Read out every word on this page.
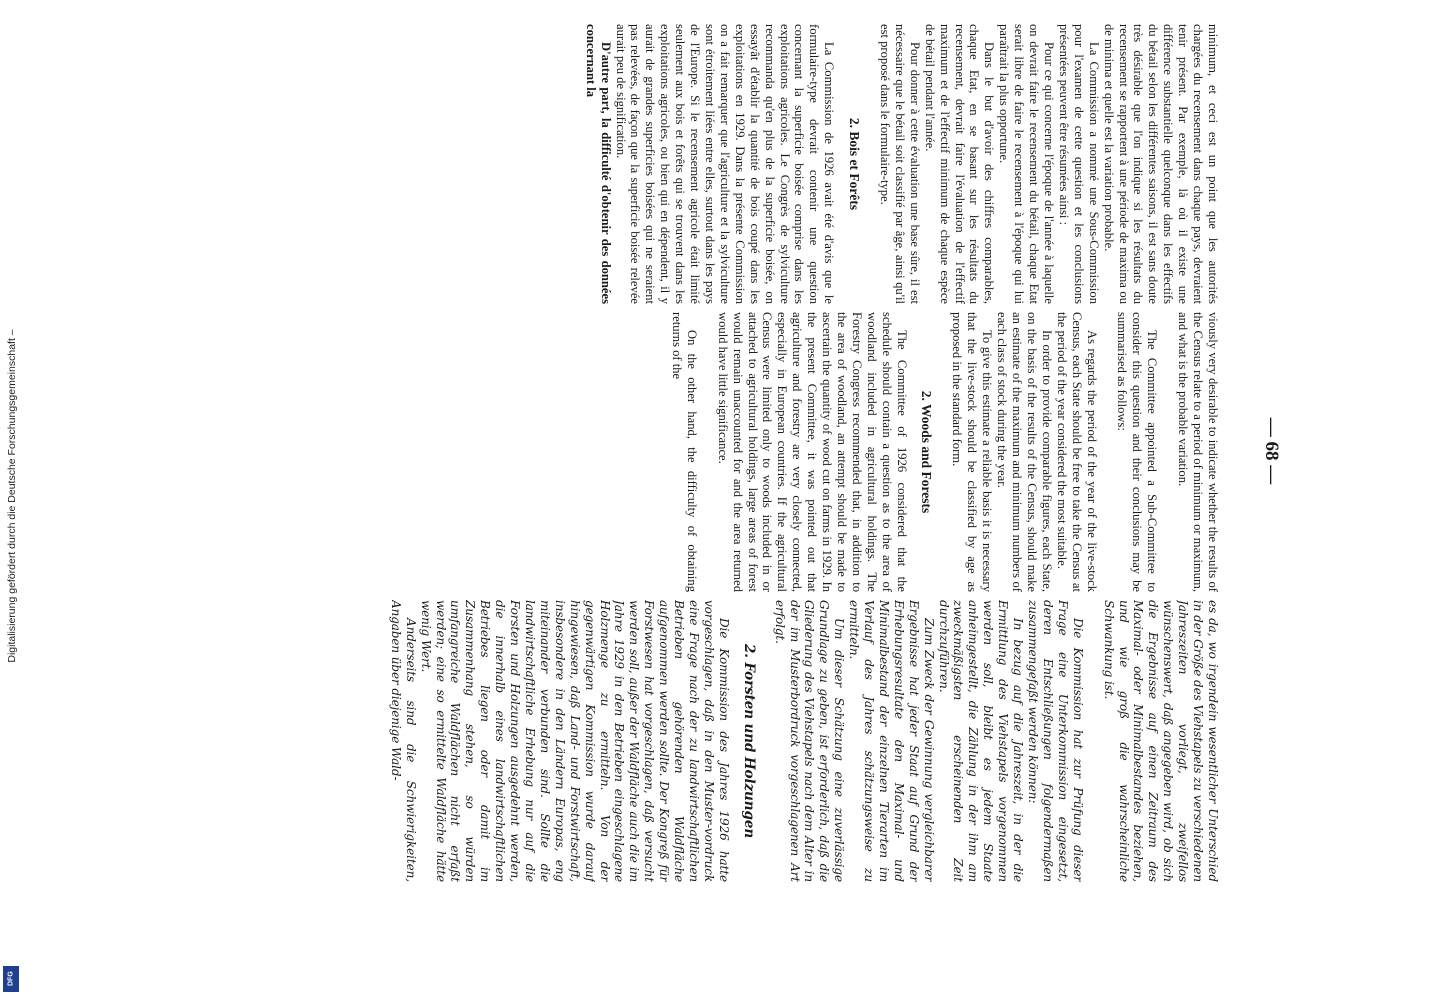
Digitalisierung gefördert durch die Deutsche Forschungsgemeinschaft –
DFG
— 68 —

minimum, et ceci est un point que les autorités chargées du recensement dans chaque pays, devraient tenir présent. Par exemple, là où il existe une différence substantielle quelconque dans les effectifs du bétail selon les différentes saisons, il est sans doute très désirable que l'on indique si les résultats du recensement se rapportent à une période de maxima ou de minima et quelle est la variation probable.

La Commission a nommé une Sous-Commission pour l'examen de cette question et les conclusions présentées peuvent être résumées ainsi :

Pour ce qui concerne l'époque de l'année à laquelle on devrait faire le recensement du bétail, chaque Etat serait libre de faire le recensement à l'époque qui lui paraîtrait la plus opportune.

Dans le but d'avoir des chiffres comparables, chaque Etat, en se basant sur les résultats du recensement, devrait faire l'évaluation de l'effectif maximum et de l'effectif minimum de chaque espèce de bétail pendant l'année.

Pour donner à cette évaluation une base sûre, il est nécessaire que le bétail soit classifié par âge, ainsi qu'il est proposé dans le formulaire-type.

2. Bois et Forêts

La Commission de 1926 avait été d'avis que le formulaire-type devrait contenir une question concernant la superficie boisée comprise dans les exploitations agricoles. Le Congrès de sylviculture recommanda qu'en plus de la superficie boisée, on essayât d'établir la quantité de bois coupé dans les exploitations en 1929. Dans la présente Commission on a fait remarquer que l'agriculture et la sylviculture sont étroitement liées entre elles, surtout dans les pays de l'Europe. Si le recensement agricole était limité seulement aux bois et forêts qui se trouvent dans les exploitations agricoles, ou bien qui en dépendent, il y aurait de grandes superficies boisées qui ne seraient pas relevées, de façon que la superficie boisée relevée aurait peu de signification.

D'autre part, la difficulté d'obtenir des données concernant la

viously very desirable to indicate whether the results of the Census relate to a period of minimum or maximum, and what is the probable variation.

The Committee appointed a Sub-Committee to consider this question and their conclusions may be summarised as follows:

As regards the period of the year of the live-stock Census, each State should be free to take the Census at the period of the year considered the most suitable.

In order to provide comparable figures, each State, on the basis of the results of the Census, should make an estimate of the maximum and minimum numbers of each class of stock during the year.

To give this estimate a reliable basis it is necessary that the live-stock should be classified by age as proposed in the standard form.

2. Woods and Forests

The Committee of 1926 considered that the schedule should contain a question as to the area of woodland included in agricultural holdings. The Forestry Congress recommended that, in addition to the area of woodland, an attempt should be made to ascertain the quantity of wood cut on farms in 1929. In the present Committee, it was pointed out that agriculture and forestry are very closely connected, especially in European countries. If the agricultural Census were limited only to woods included in or attached to agricultural holdings, large areas of forest would remain unaccounted for and the area returned would have little significance.

On the other hand, the difficulty of obtaining returns of the

es da, wo irgendein wesentlicher Unterschied in der Größe des Viehstapels zu verschiedenen Jahreszeiten vorliegt, zweifellos wünschenswert, daß angegeben wird, ob sich die Ergebnisse auf einen Zeitraum des Maximal- oder Minimalbestandes beziehen, und wie groß die wahrscheinliche Schwankung ist.

Die Kommission hat zur Prüfung dieser Frage eine Unterkommission eingesetzt, deren Entschließungen folgendermaßen zusammengefaßt werden können:

In bezug auf die Jahreszeit, in der die Ermittlung des Viehstapels vorgenommen werden soll, bleibt es jedem Staate anheimgestellt, die Zählung in der ihm am zweckmäßigsten erscheinenden Zeit durchzuführen.

Zum Zweck der Gewinnung vergleichbarer Ergebnisse hat jeder Staat auf Grund der Erhebungsresultate den Maximal- und Minimalbestand der einzelnen Tierarten im Verlauf des Jahres schätzungsweise zu ermitteln.

Um dieser Schätzung eine zuverlässige Grundlage zu geben, ist erforderlich, daß die Gliederung des Viehstapels nach dem Alter in der im Musterbordruck vorgeschlagenen Art erfolgt.

2. Forsten und Holzungen

Die Kommission des Jahres 1926 hatte vorgeschlagen, daß in den Muster-vordruck eine Frage nach der zu landwirtschaftlichen Betrieben gehörenden Waldfläche aufgenommen werden sollte. Der Kongreß für Forstwesen hat vorgeschlagen, daß versucht werden soll, außer der Waldfläche auch die im Jahre 1929 in den Betrieben eingeschlagene Holzmenge zu ermitteln. Von der gegenwärtigen Kommission wurde darauf hingewiesen, daß Land- und Forstwirtschaft, insbesondere in den Ländern Europas, eng miteinander verbunden sind. Sollte die landwirtschaftliche Erhebung nur auf die Forsten und Holzungen ausgedehnt werden, die innerhalb eines landwirtschaftlichen Betriebes liegen oder damit im Zusammenhang stehen, so würden umfangreiche Waldflächen nicht erfaßt werden; eine so ermittelte Waldfläche hätte wenig Wert.

Anderseits sind die Schwierigkeiten, Angaben über diejenige Wald-
